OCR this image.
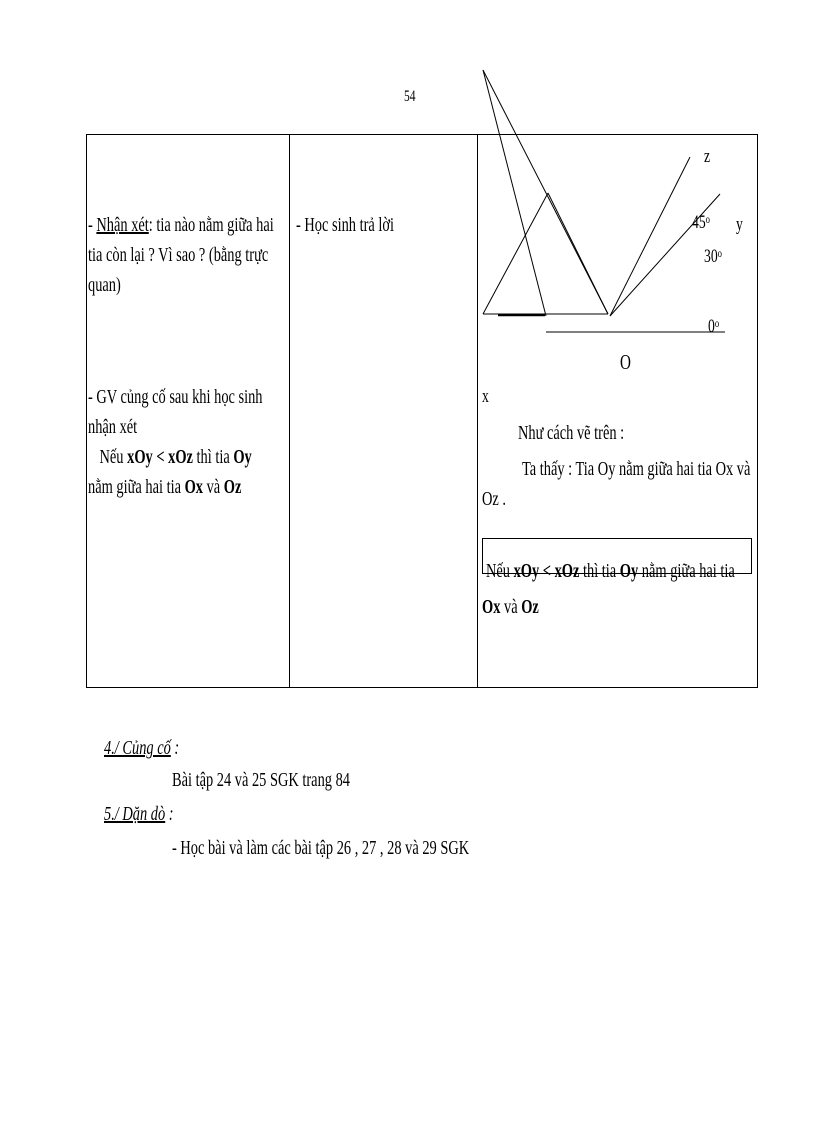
54
- Nhận xét: tia nào nằm giữa hai
tia còn lại ? Vì sao ? (bằng trực
quan)
- GV củng cố sau khi học sinh
nhận xét
Nếu xOy < xOz thì tia Oy
nằm giữa hai tia Ox và Oz
- Học sinh trả lời
z
y
45$^o$
30$^o$
0$^o$
O
x
Như cách vẽ trên :
Ta thấy : Tia Oy nằm giữa hai tia Ox và
Oz .
Nếu xOy < xOz thì tia Oy nằm giữa hai tia
Ox và Oz
4./ Củng cố :
Bài tập 24 và 25 SGK trang 84
5./ Dặn dò :
- Học bài và làm các bài tập 26 , 27 , 28 và 29 SGK
